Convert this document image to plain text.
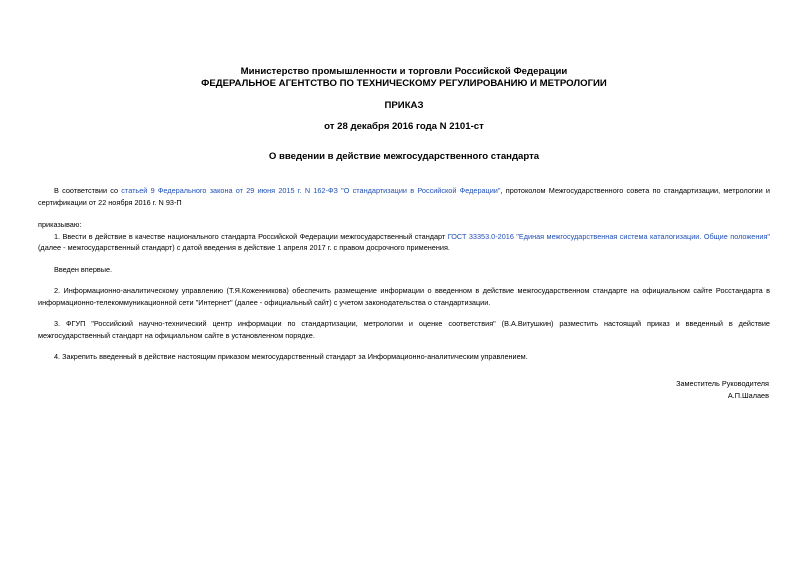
Министерство промышленности и торговли Российской Федерации
ФЕДЕРАЛЬНОЕ АГЕНТСТВО ПО ТЕХНИЧЕСКОМУ РЕГУЛИРОВАНИЮ И МЕТРОЛОГИИ
ПРИКАЗ
от 28 декабря 2016 года N 2101-ст
О введении в действие межгосударственного стандарта

В соответствии со статьей 9 Федерального закона от 29 июня 2015 г. N 162-ФЗ "О стандартизации в Российской Федерации", протоколом Межгосударственного совета по стандартизации, метрологии и сертификации от 22 ноября 2016 г. N 93-П

приказываю:

1. Ввести в действие в качестве национального стандарта Российской Федерации межгосударственный стандарт ГОСТ 33353.0-2016 "Единая межгосударственная система каталогизации. Общие положения" (далее - межгосударственный стандарт) с датой введения в действие 1 апреля 2017 г. с правом досрочного применения.

Введен впервые.

2. Информационно-аналитическому управлению (Т.Я.Коженникова) обеспечить размещение информации о введенном в действие межгосударственном стандарте на официальном сайте Росстандарта в информационно-телекоммуникационной сети "Интернет" (далее - официальный сайт) с учетом законодательства о стандартизации.

3. ФГУП "Российский научно-технический центр информации по стандартизации, метрологии и оценке соответствия" (В.А.Витушкин) разместить настоящий приказ и введенный в действие межгосударственный стандарт на официальном сайте в установленном порядке.

4. Закрепить введенный в действие настоящим приказом межгосударственный стандарт за Информационно-аналитическим управлением.

Заместитель Руководителя
А.П.Шалаев
